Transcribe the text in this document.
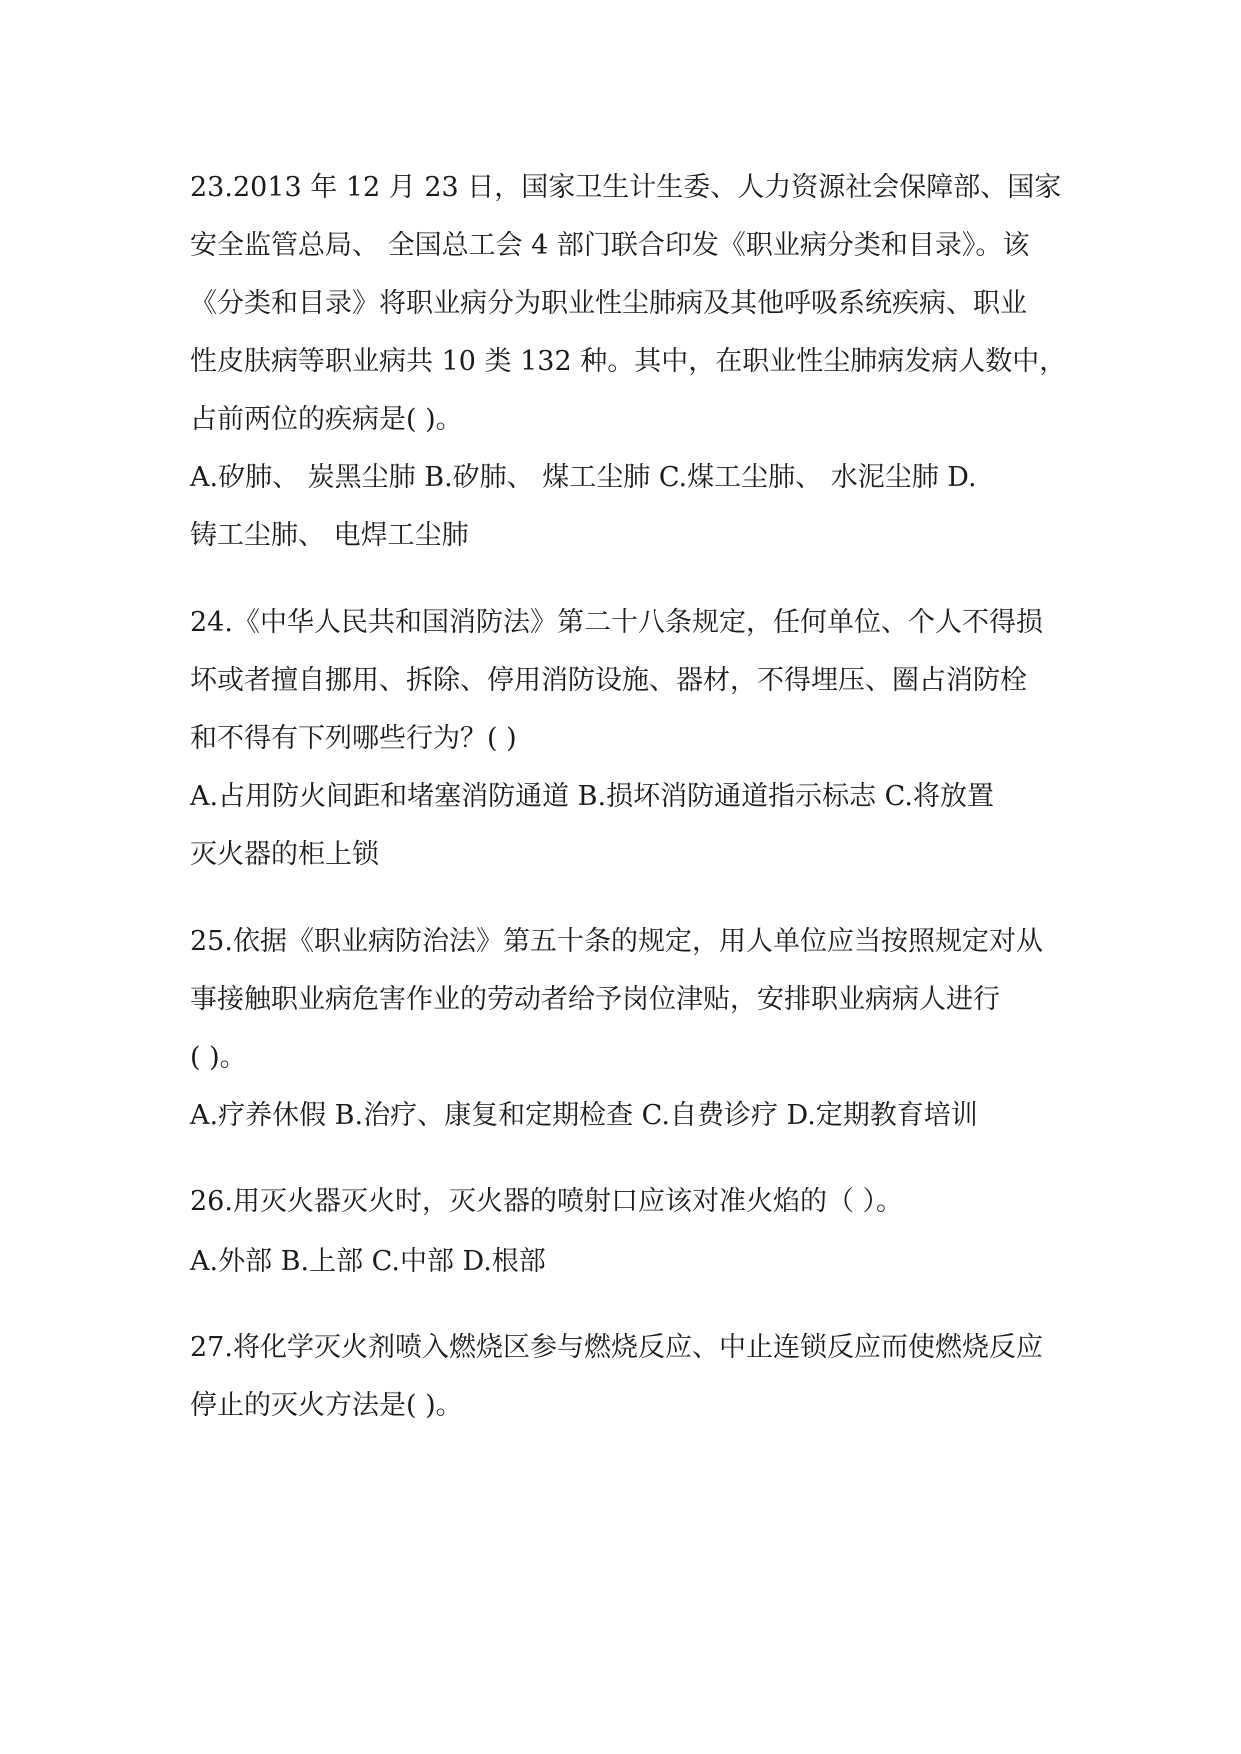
23.2013 年 12 月 23 日，国家卫生计生委、人力资源社会保障部、国家
安全监管总局、 全国总工会 4 部门联合印发《职业病分类和目录》。该
《分类和目录》将职业病分为职业性尘肺病及其他呼吸系统疾病、职业
性皮肤病等职业病共 10 类 132 种。其中，在职业性尘肺病发病人数中，
占前两位的疾病是( )。
A.矽肺、 炭黑尘肺 B.矽肺、 煤工尘肺 C.煤工尘肺、 水泥尘肺 D.
铸工尘肺、 电焊工尘肺
24.《中华人民共和国消防法》第二十八条规定，任何单位、个人不得损
坏或者擅自挪用、拆除、停用消防设施、器材，不得埋压、圈占消防栓
和不得有下列哪些行为？( )
A.占用防火间距和堵塞消防通道 B.损坏消防通道指示标志 C.将放置
灭火器的柜上锁
25.依据《职业病防治法》第五十条的规定，用人单位应当按照规定对从
事接触职业病危害作业的劳动者给予岗位津贴，安排职业病病人进行
( )。
A.疗养休假 B.治疗、康复和定期检查 C.自费诊疗 D.定期教育培训
26.用灭火器灭火时，灭火器的喷射口应该对准火焰的（ ）。
A.外部 B.上部 C.中部 D.根部
27.将化学灭火剂喷入燃烧区参与燃烧反应、中止连锁反应而使燃烧反应
停止的灭火方法是( )。
